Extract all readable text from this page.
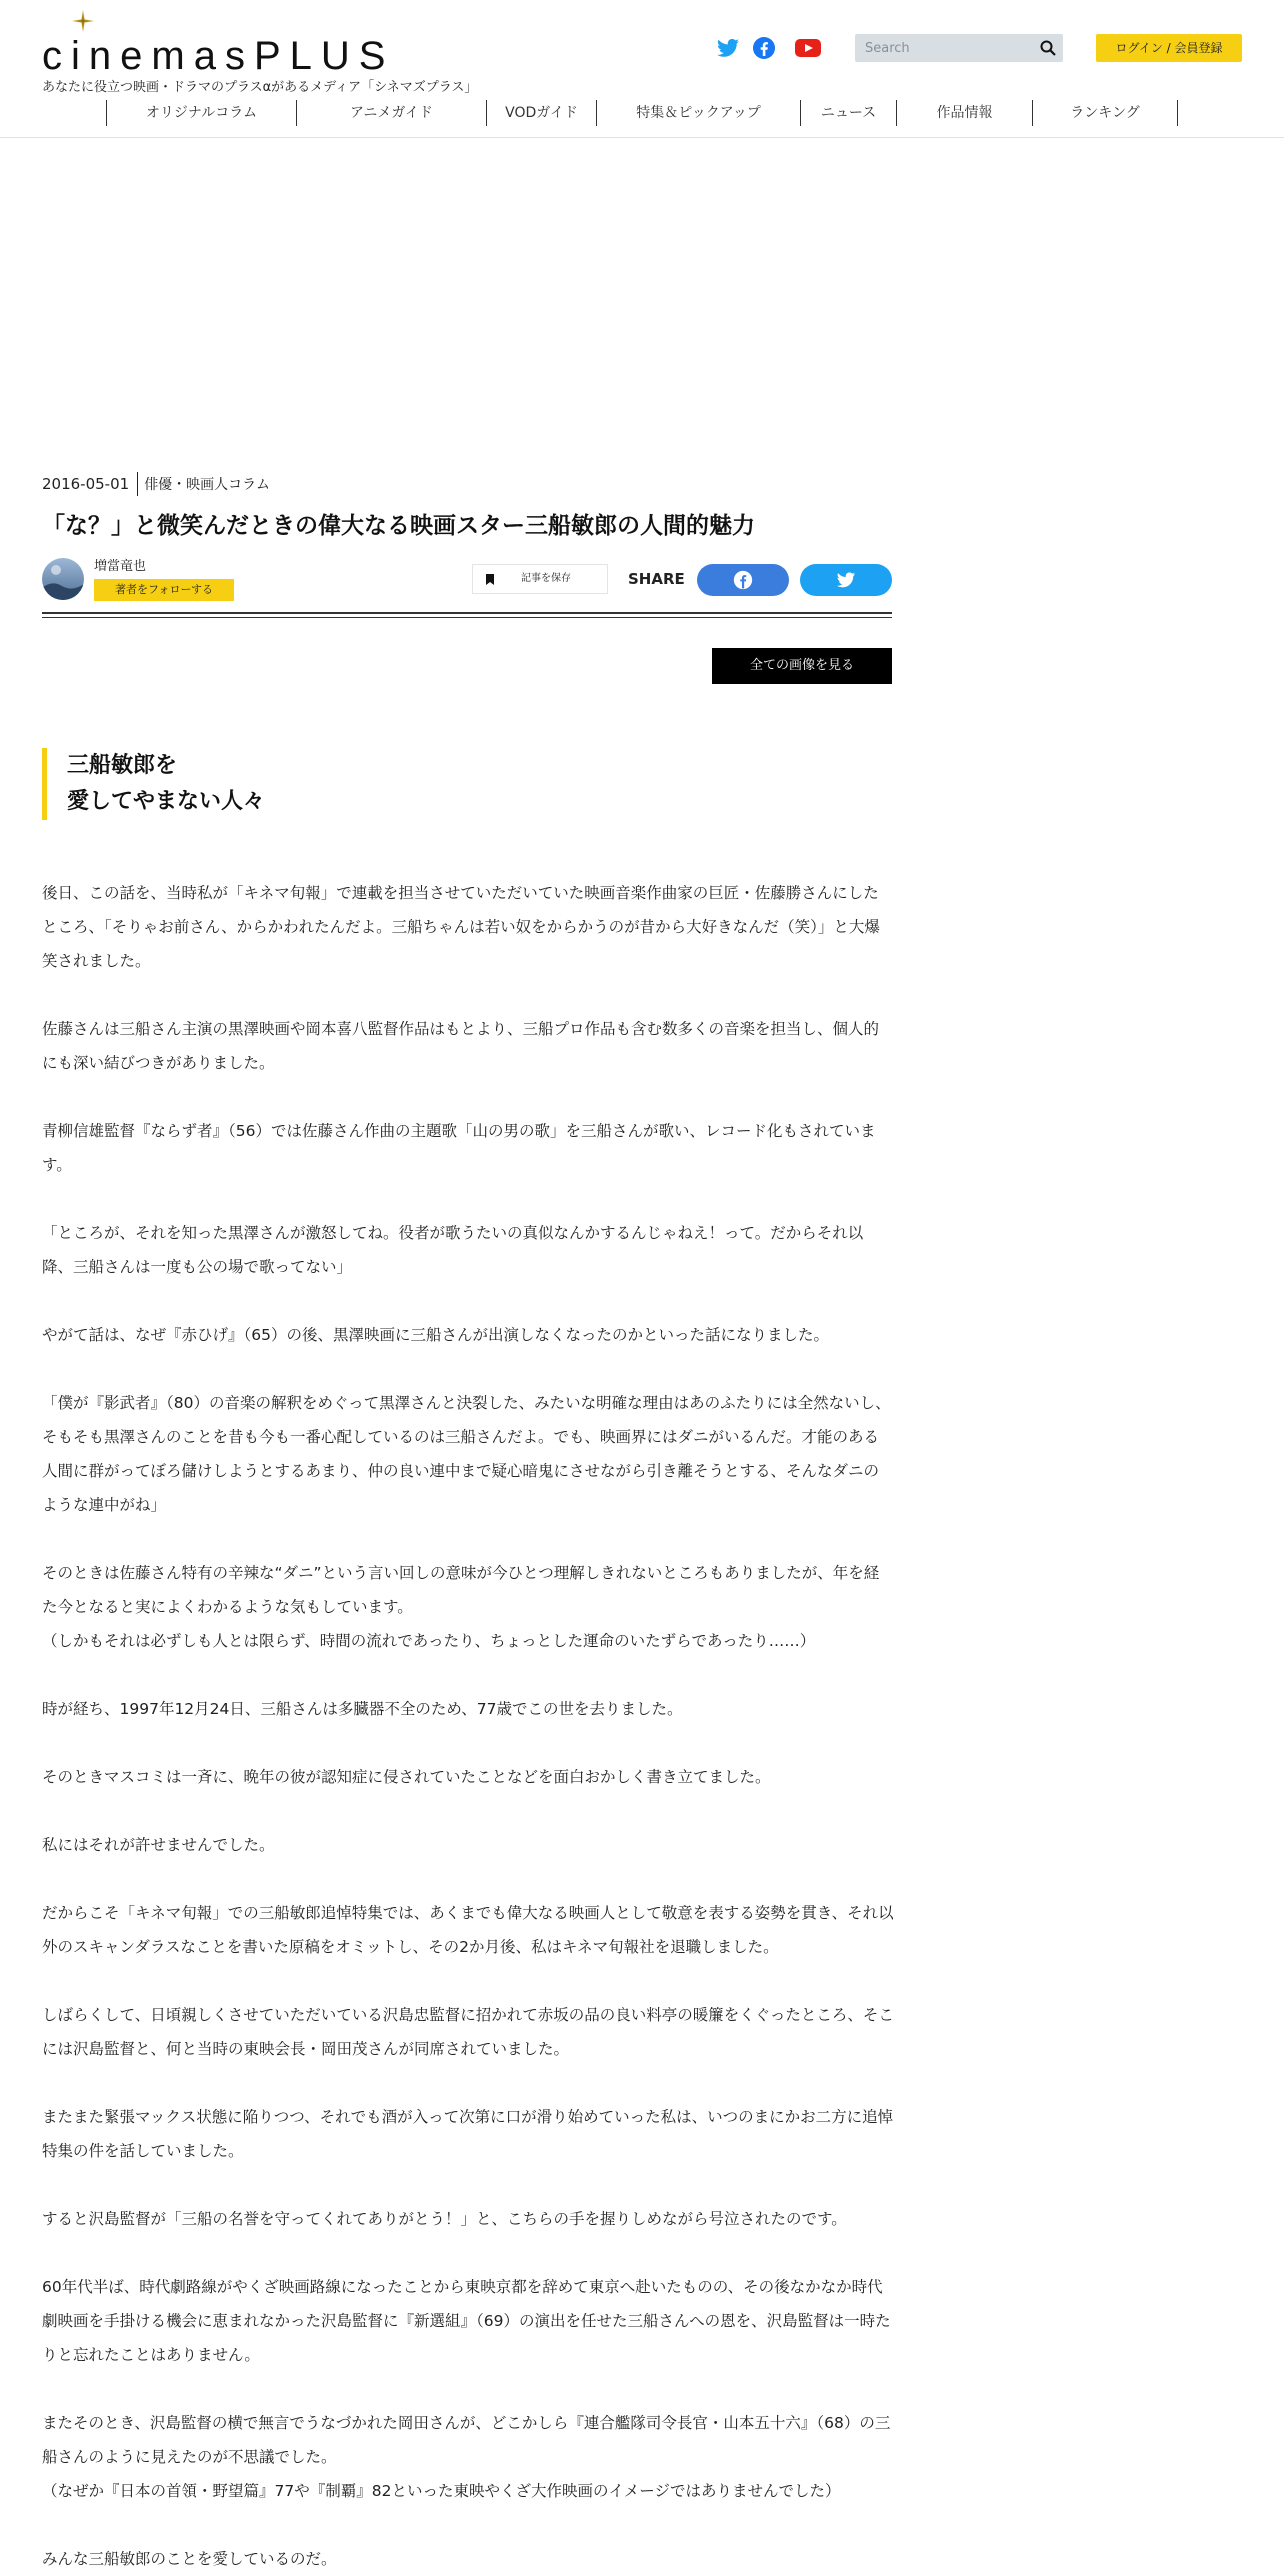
cinemasPLUS
あなたに役立つ映画・ドラマのプラスαがあるメディア「シネマズプラス」
Search
ログイン / 会員登録
オリジナルコラム	アニメガイド	VODガイド	特集＆ピックアップ	ニュース	作品情報	ランキング
2016-05-01 俳優・映画人コラム
「な？」と微笑んだときの偉大なる映画スター三船敏郎の人間的魅力
増當竜也
著者をフォローする
記事を保存	SHARE
全ての画像を見る
三船敏郎を
愛してやまない人々

後日、この話を、当時私が「キネマ旬報」で連載を担当させていただいていた映画音楽作曲家の巨匠・佐藤勝さんにしたところ、「そりゃお前さん、からかわれたんだよ。三船ちゃんは若い奴をからかうのが昔から大好きなんだ（笑）」と大爆笑されました。

佐藤さんは三船さん主演の黒澤映画や岡本喜八監督作品はもとより、三船プロ作品も含む数多くの音楽を担当し、個人的にも深い結びつきがありました。

青柳信雄監督『ならず者』（56）では佐藤さん作曲の主題歌「山の男の歌」を三船さんが歌い、レコード化もされています。

「ところが、それを知った黒澤さんが激怒してね。役者が歌うたいの真似なんかするんじゃねえ！って。だからそれ以降、三船さんは一度も公の場で歌ってない」

やがて話は、なぜ『赤ひげ』（65）の後、黒澤映画に三船さんが出演しなくなったのかといった話になりました。

「僕が『影武者』（80）の音楽の解釈をめぐって黒澤さんと決裂した、みたいな明確な理由はあのふたりには全然ないし、そもそも黒澤さんのことを昔も今も一番心配しているのは三船さんだよ。でも、映画界にはダニがいるんだ。才能のある人間に群がってぼろ儲けしようとするあまり、仲の良い連中まで疑心暗鬼にさせながら引き離そうとする、そんなダニのような連中がね」

そのときは佐藤さん特有の辛辣な“ダニ”という言い回しの意味が今ひとつ理解しきれないところもありましたが、年を経た今となると実によくわかるような気もしています。

（しかもそれは必ずしも人とは限らず、時間の流れであったり、ちょっとした運命のいたずらであったり……）

時が経ち、1997年12月24日、三船さんは多臓器不全のため、77歳でこの世を去りました。

そのときマスコミは一斉に、晩年の彼が認知症に侵されていたことなどを面白おかしく書き立てました。

私にはそれが許せませんでした。

だからこそ「キネマ旬報」での三船敏郎追悼特集では、あくまでも偉大なる映画人として敬意を表する姿勢を貫き、それ以外のスキャンダラスなことを書いた原稿をオミットし、その2か月後、私はキネマ旬報社を退職しました。

しばらくして、日頃親しくさせていただいている沢島忠監督に招かれて赤坂の品の良い料亭の暖簾をくぐったところ、そこには沢島監督と、何と当時の東映会長・岡田茂さんが同席されていました。

またまた緊張マックス状態に陥りつつ、それでも酒が入って次第に口が滑り始めていった私は、いつのまにかお二方に追悼特集の件を話していました。

すると沢島監督が「三船の名誉を守ってくれてありがとう！」と、こちらの手を握りしめながら号泣されたのです。

60年代半ば、時代劇路線がやくざ映画路線になったことから東映京都を辞めて東京へ赴いたものの、その後なかなか時代劇映画を手掛ける機会に恵まれなかった沢島監督に『新選組』（69）の演出を任せた三船さんへの恩を、沢島監督は一時たりと忘れたことはありません。

またそのとき、沢島監督の横で無言でうなづかれた岡田さんが、どこかしら『連合艦隊司令長官・山本五十六』（68）の三船さんのように見えたのが不思議でした。

（なぜか『日本の首領・野望篇』77や『制覇』82といった東映やくざ大作映画のイメージではありませんでした）

みんな三船敏郎のことを愛しているのだ。
